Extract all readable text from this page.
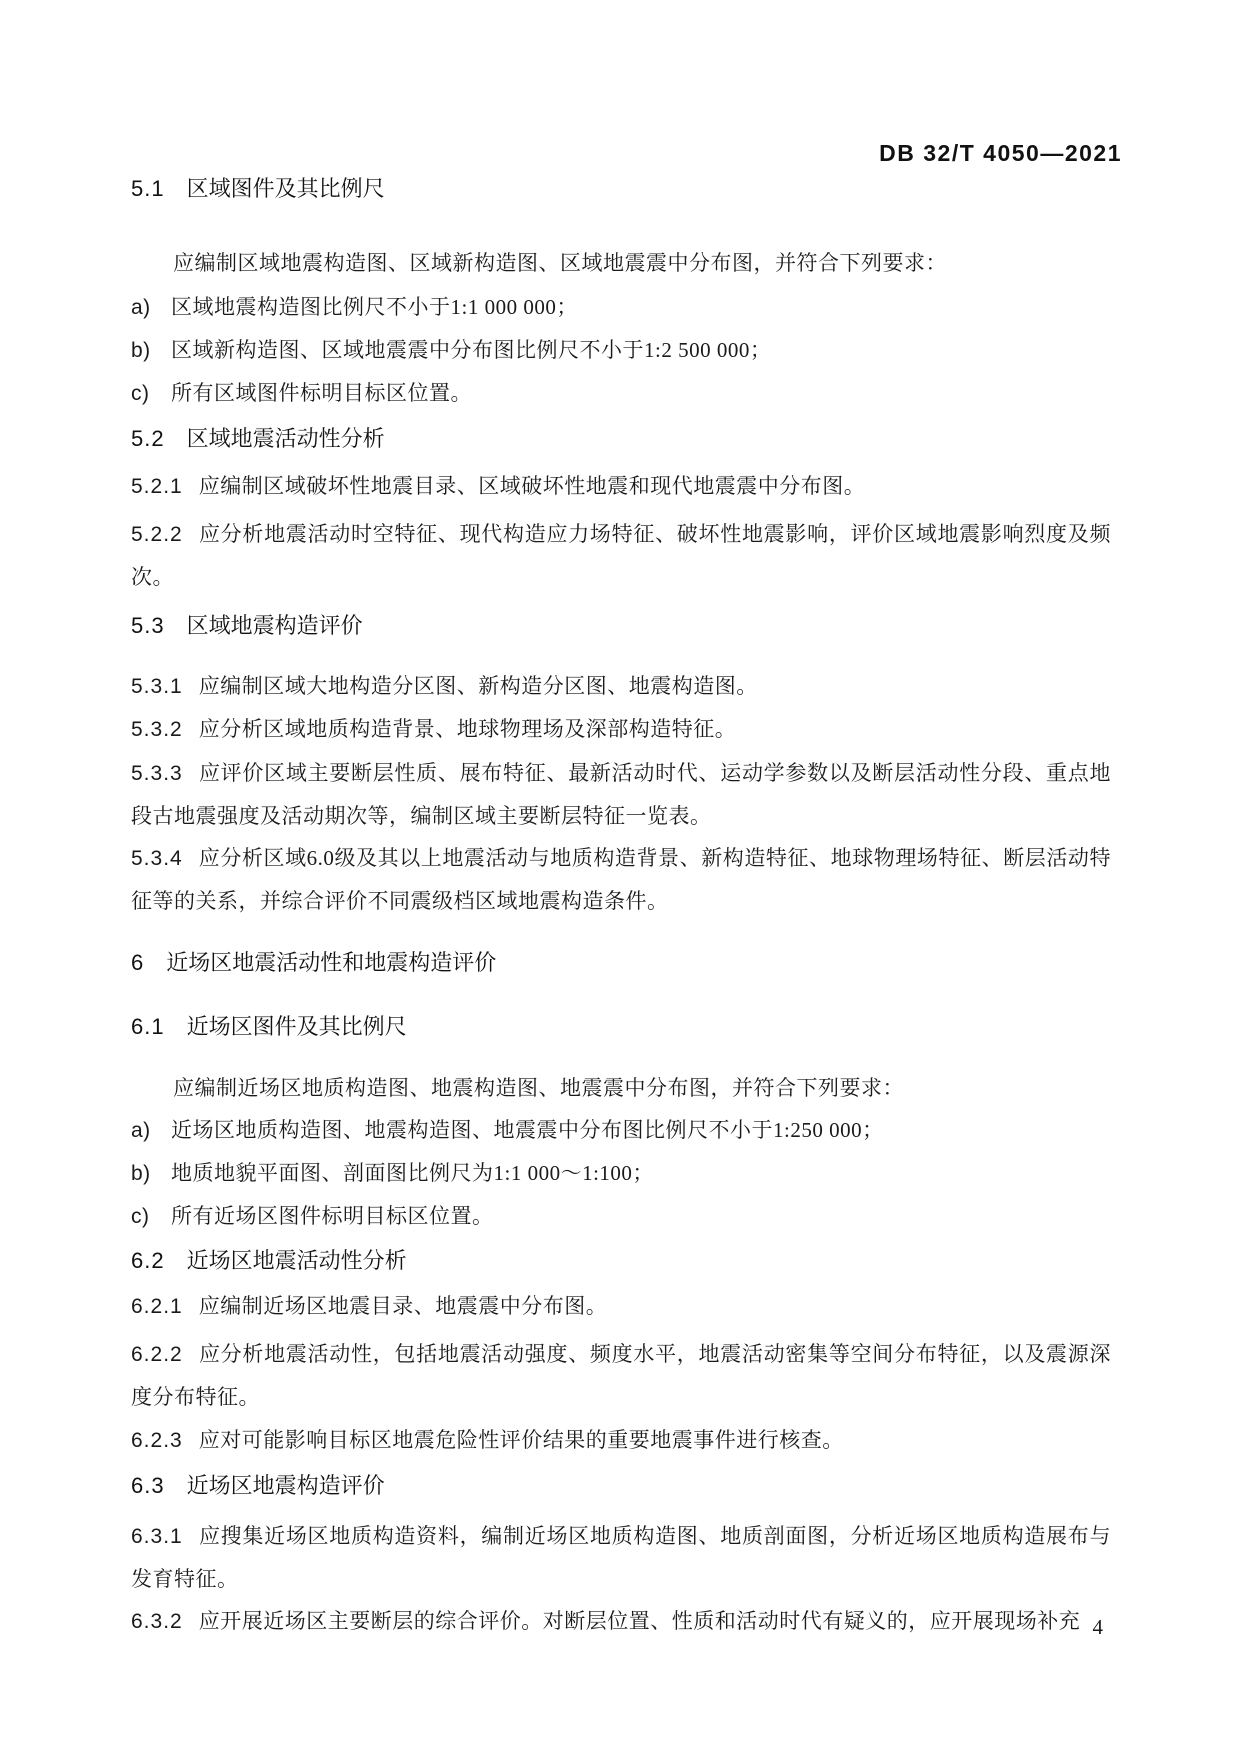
DB 32/T 4050—2021
5.1 区域图件及其比例尺

应编制区域地震构造图、区域新构造图、区域地震震中分布图，并符合下列要求：

a) 区域地震构造图比例尺不小于1:1 000 000；

b) 区域新构造图、区域地震震中分布图比例尺不小于1:2 500 000；

c) 所有区域图件标明目标区位置。

5.2 区域地震活动性分析

5.2.1 应编制区域破坏性地震目录、区域破坏性地震和现代地震震中分布图。

5.2.2 应分析地震活动时空特征、现代构造应力场特征、破坏性地震影响，评价区域地震影响烈度及频次。

5.3 区域地震构造评价

5.3.1 应编制区域大地构造分区图、新构造分区图、地震构造图。

5.3.2 应分析区域地质构造背景、地球物理场及深部构造特征。

5.3.3 应评价区域主要断层性质、展布特征、最新活动时代、运动学参数以及断层活动性分段、重点地段古地震强度及活动期次等，编制区域主要断层特征一览表。

5.3.4 应分析区域6.0级及其以上地震活动与地质构造背景、新构造特征、地球物理场特征、断层活动特征等的关系，并综合评价不同震级档区域地震构造条件。

6 近场区地震活动性和地震构造评价
6.1 近场区图件及其比例尺

应编制近场区地质构造图、地震构造图、地震震中分布图，并符合下列要求：

a) 近场区地质构造图、地震构造图、地震震中分布图比例尺不小于1:250 000；

b) 地质地貌平面图、剖面图比例尺为1:1 000～1:100；

c) 所有近场区图件标明目标区位置。

6.2 近场区地震活动性分析

6.2.1 应编制近场区地震目录、地震震中分布图。

6.2.2 应分析地震活动性，包括地震活动强度、频度水平，地震活动密集等空间分布特征，以及震源深度分布特征。

6.2.3 应对可能影响目标区地震危险性评价结果的重要地震事件进行核查。

6.3 近场区地震构造评价

6.3.1 应搜集近场区地质构造资料，编制近场区地质构造图、地质剖面图，分析近场区地质构造展布与发育特征。

6.3.2 应开展近场区主要断层的综合评价。对断层位置、性质和活动时代有疑义的，应开展现场补充 4
